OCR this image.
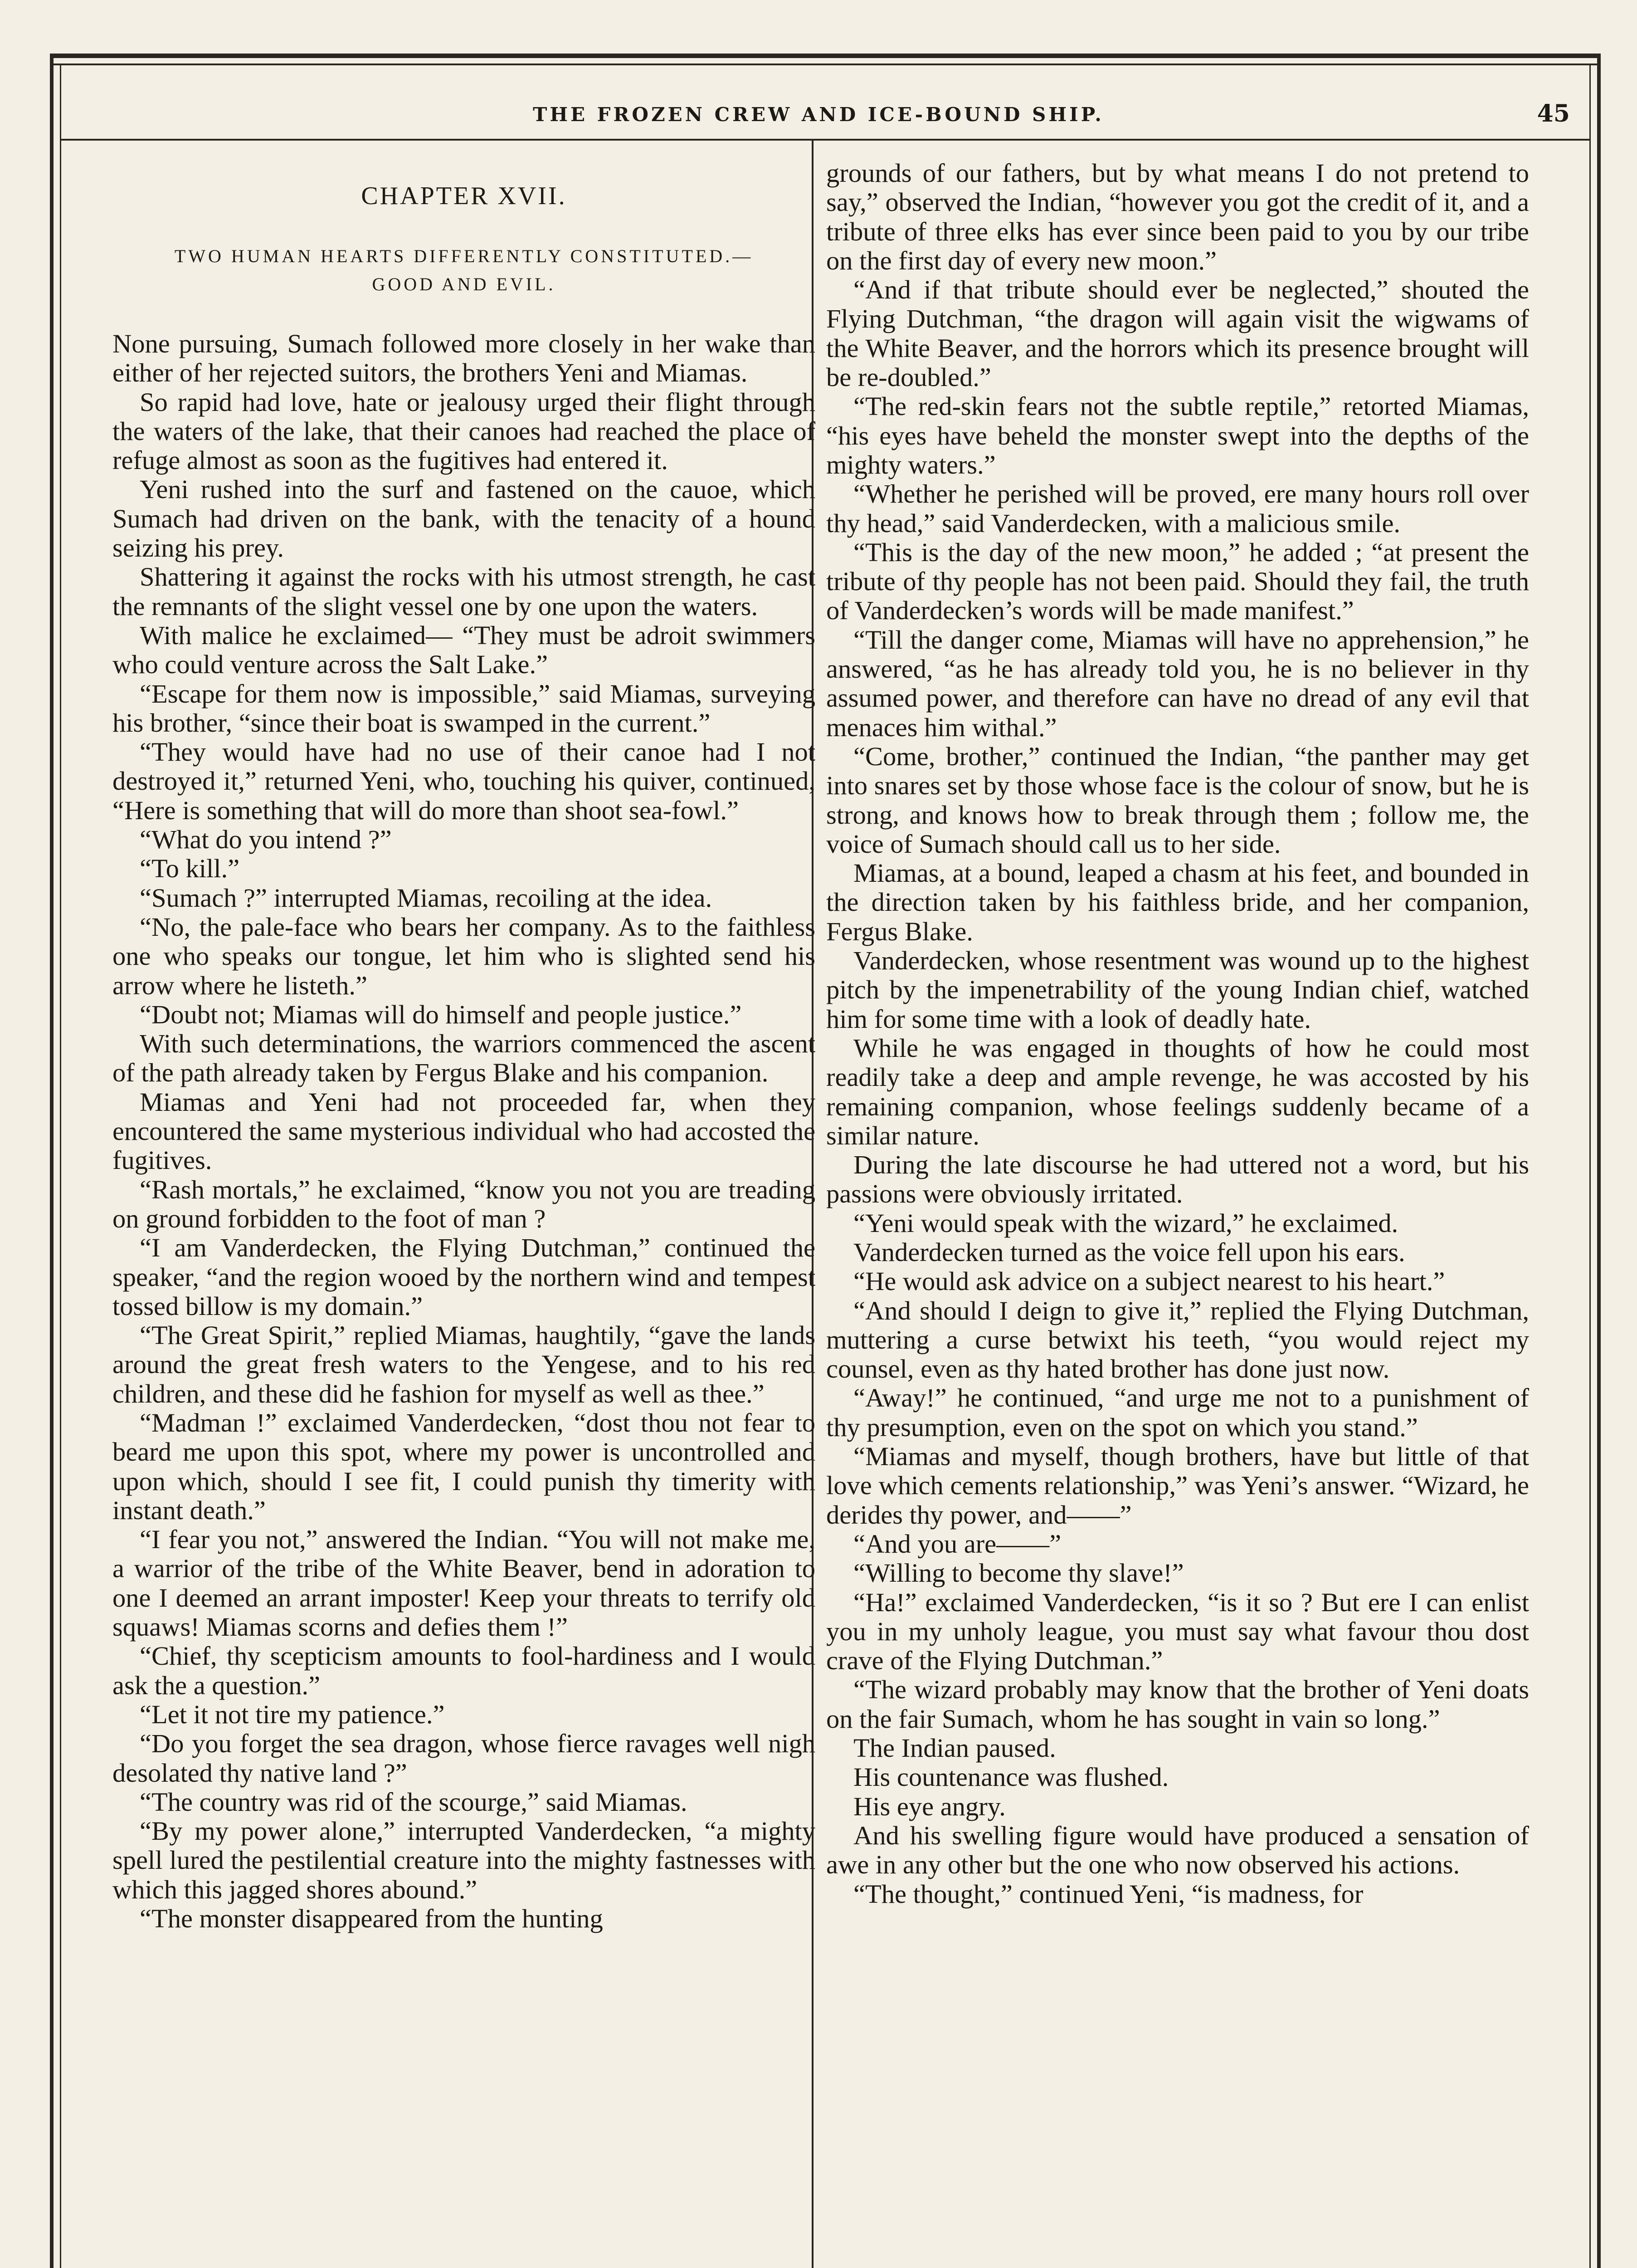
THE FROZEN CREW AND ICE-BOUND SHIP.	45
CHAPTER XVII.
TWO HUMAN HEARTS DIFFERENTLY CONSTITUTED.—
GOOD AND EVIL.

None pursuing, Sumach followed more closely in her wake than either of her rejected suitors, the brothers Yeni and Miamas.

So rapid had love, hate or jealousy urged their flight through the waters of the lake, that their canoes had reached the place of refuge almost as soon as the fugitives had entered it.

Yeni rushed into the surf and fastened on the cauoe, which Sumach had driven on the bank, with the tenacity of a hound seizing his prey.

Shattering it against the rocks with his utmost strength, he cast the remnants of the slight vessel one by one upon the waters.

With malice he exclaimed— “They must be adroit swimmers who could venture across the Salt Lake.”

“Escape for them now is impossible,” said Miamas, surveying his brother, “since their boat is swamped in the current.”

“They would have had no use of their canoe had I not destroyed it,” returned Yeni, who, touching his quiver, continued, “Here is something that will do more than shoot sea-fowl.”

“What do you intend ?”

“To kill.”

“Sumach ?” interrupted Miamas, recoiling at the idea.

“No, the pale-face who bears her company. As to the faithless one who speaks our tongue, let him who is slighted send his arrow where he listeth.”

“Doubt not; Miamas will do himself and people justice.”

With such determinations, the warriors commenced the ascent of the path already taken by Fergus Blake and his companion.

Miamas and Yeni had not proceeded far, when they encountered the same mysterious individual who had accosted the fugitives.

“Rash mortals,” he exclaimed, “know you not you are treading on ground forbidden to the foot of man ?

“I am Vanderdecken, the Flying Dutchman,” continued the speaker, “and the region wooed by the northern wind and tempest tossed billow is my domain.”

“The Great Spirit,” replied Miamas, haughtily, “gave the lands around the great fresh waters to the Yengese, and to his red children, and these did he fashion for myself as well as thee.”

“Madman !” exclaimed Vanderdecken, “dost thou not fear to beard me upon this spot, where my power is uncontrolled and upon which, should I see fit, I could punish thy timerity with instant death.”

“I fear you not,” answered the Indian. “You will not make me, a warrior of the tribe of the White Beaver, bend in adoration to one I deemed an arrant imposter! Keep your threats to terrify old squaws! Miamas scorns and defies them !”

“Chief, thy scepticism amounts to fool-hardiness and I would ask the a question.”

“Let it not tire my patience.”

“Do you forget the sea dragon, whose fierce ravages well nigh desolated thy native land ?”

“The country was rid of the scourge,” said Miamas.

“By my power alone,” interrupted Vanderdecken, “a mighty spell lured the pestilential creature into the mighty fastnesses with which this jagged shores abound.”

“The monster disappeared from the hunting

grounds of our fathers, but by what means I do not pretend to say,” observed the Indian, “however you got the credit of it, and a tribute of three elks has ever since been paid to you by our tribe on the first day of every new moon.”

“And if that tribute should ever be neglected,” shouted the Flying Dutchman, “the dragon will again visit the wigwams of the White Beaver, and the horrors which its presence brought will be re-doubled.”

“The red-skin fears not the subtle reptile,” retorted Miamas, “his eyes have beheld the monster swept into the depths of the mighty waters.”

“Whether he perished will be proved, ere many hours roll over thy head,” said Vanderdecken, with a malicious smile.

“This is the day of the new moon,” he added ; “at present the tribute of thy people has not been paid. Should they fail, the truth of Vanderdecken’s words will be made manifest.”

“Till the danger come, Miamas will have no apprehension,” he answered, “as he has already told you, he is no believer in thy assumed power, and therefore can have no dread of any evil that menaces him withal.”

“Come, brother,” continued the Indian, “the panther may get into snares set by those whose face is the colour of snow, but he is strong, and knows how to break through them ; follow me, the voice of Sumach should call us to her side.

Miamas, at a bound, leaped a chasm at his feet, and bounded in the direction taken by his faithless bride, and her companion, Fergus Blake.

Vanderdecken, whose resentment was wound up to the highest pitch by the impenetrability of the young Indian chief, watched him for some time with a look of deadly hate.

While he was engaged in thoughts of how he could most readily take a deep and ample revenge, he was accosted by his remaining companion, whose feelings suddenly became of a similar nature.

During the late discourse he had uttered not a word, but his passions were obviously irritated.

“Yeni would speak with the wizard,” he exclaimed.

Vanderdecken turned as the voice fell upon his ears.

“He would ask advice on a subject nearest to his heart.”

“And should I deign to give it,” replied the Flying Dutchman, muttering a curse betwixt his teeth, “you would reject my counsel, even as thy hated brother has done just now.

“Away!” he continued, “and urge me not to a punishment of thy presumption, even on the spot on which you stand.”

“Miamas and myself, though brothers, have but little of that love which cements relationship,” was Yeni’s answer. “Wizard, he derides thy power, and——”

“And you are——”

“Willing to become thy slave!”

“Ha!” exclaimed Vanderdecken, “is it so ? But ere I can enlist you in my unholy league, you must say what favour thou dost crave of the Flying Dutchman.”

“The wizard probably may know that the brother of Yeni doats on the fair Sumach, whom he has sought in vain so long.”

The Indian paused.

His countenance was flushed.

His eye angry.

And his swelling figure would have produced a sensation of awe in any other but the one who now observed his actions.

“The thought,” continued Yeni, “is madness, for
